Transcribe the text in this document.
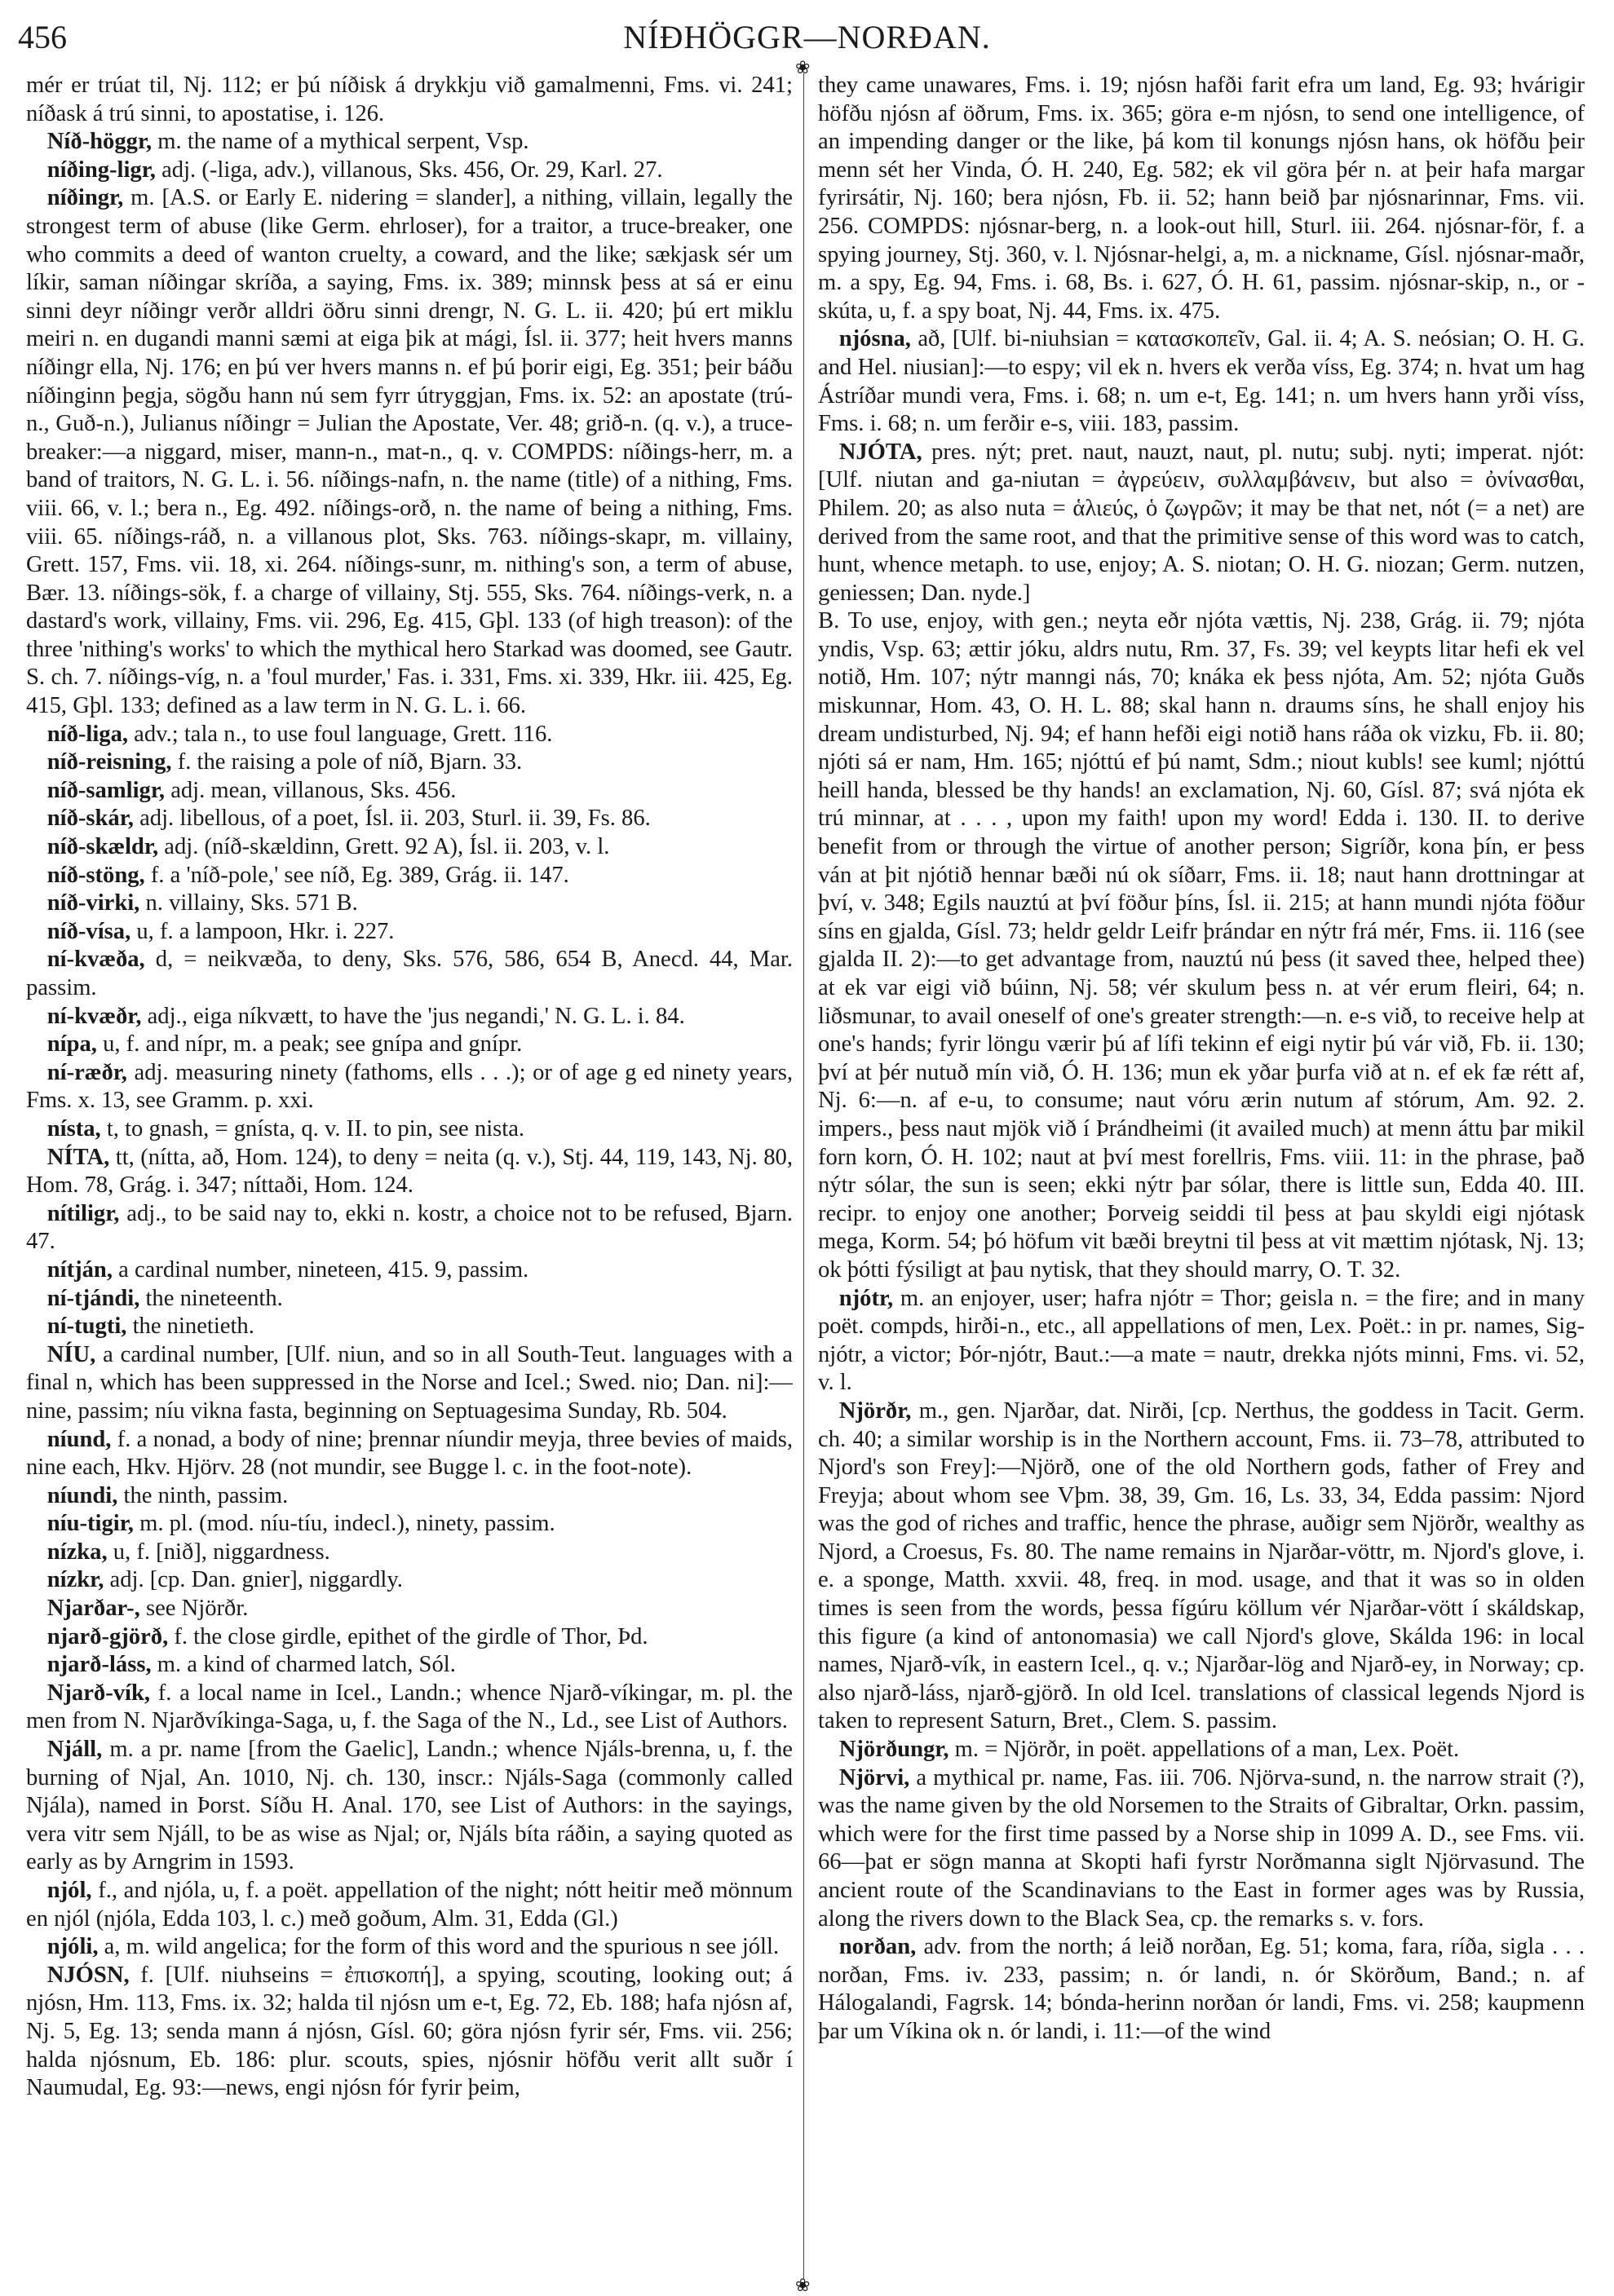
456	NÍÐHÖGGR—NORÐAN.
❀
❀

mér er trúat til, Nj. 112; er þú níðisk á drykkju við gamalmenni, Fms. vi. 241; níðask á trú sinni, to apostatise, i. 126.

Níð-höggr, m. the name of a mythical serpent, Vsp.

níðing-ligr, adj. (-liga, adv.), villanous, Sks. 456, Or. 29, Karl. 27.

níðingr, m. [A.S. or Early E. nidering = slander], a nithing, villain, legally the strongest term of abuse (like Germ. ehrloser), for a traitor, a truce-breaker, one who commits a deed of wanton cruelty, a coward, and the like; sækjask sér um líkir, saman níðingar skríða, a saying, Fms. ix. 389; minnsk þess at sá er einu sinni deyr níðingr verðr alldri öðru sinni drengr, N. G. L. ii. 420; þú ert miklu meiri n. en dugandi manni sæmi at eiga þik at mági, Ísl. ii. 377; heit hvers manns níðingr ella, Nj. 176; en þú ver hvers manns n. ef þú þorir eigi, Eg. 351; þeir báðu níðinginn þegja, sögðu hann nú sem fyrr útryggjan, Fms. ix. 52: an apostate (trú-n., Guð-n.), Julianus níðingr = Julian the Apostate, Ver. 48; grið-n. (q. v.), a truce-breaker:—a niggard, miser, mann-n., mat-n., q. v. COMPDS: níðings-herr, m. a band of traitors, N. G. L. i. 56. níðings-nafn, n. the name (title) of a nithing, Fms. viii. 66, v. l.; bera n., Eg. 492. níðings-orð, n. the name of being a nithing, Fms. viii. 65. níðings-ráð, n. a villanous plot, Sks. 763. níðings-skapr, m. villainy, Grett. 157, Fms. vii. 18, xi. 264. níðings-sunr, m. nithing's son, a term of abuse, Bær. 13. níðings-sök, f. a charge of villainy, Stj. 555, Sks. 764. níðings-verk, n. a dastard's work, villainy, Fms. vii. 296, Eg. 415, Gþl. 133 (of high treason): of the three 'nithing's works' to which the mythical hero Starkad was doomed, see Gautr. S. ch. 7. níðings-víg, n. a 'foul murder,' Fas. i. 331, Fms. xi. 339, Hkr. iii. 425, Eg. 415, Gþl. 133; defined as a law term in N. G. L. i. 66.

níð-liga, adv.; tala n., to use foul language, Grett. 116.

níð-reisning, f. the raising a pole of níð, Bjarn. 33.

níð-samligr, adj. mean, villanous, Sks. 456.

níð-skár, adj. libellous, of a poet, Ísl. ii. 203, Sturl. ii. 39, Fs. 86.

níð-skældr, adj. (níð-skældinn, Grett. 92 A), Ísl. ii. 203, v. l.

níð-stöng, f. a 'níð-pole,' see níð, Eg. 389, Grág. ii. 147.

níð-virki, n. villainy, Sks. 571 B.

níð-vísa, u, f. a lampoon, Hkr. i. 227.

ní-kvæða, d, = neikvæða, to deny, Sks. 576, 586, 654 B, Anecd. 44, Mar. passim.

ní-kvæðr, adj., eiga níkvætt, to have the 'jus negandi,' N. G. L. i. 84.

nípa, u, f. and nípr, m. a peak; see gnípa and gnípr.

ní-ræðr, adj. measuring ninety (fathoms, ells . . .); or of age g ed ninety years, Fms. x. 13, see Gramm. p. xxi.

nísta, t, to gnash, = gnísta, q. v. II. to pin, see nista.

NÍTA, tt, (nítta, að, Hom. 124), to deny = neita (q. v.), Stj. 44, 119, 143, Nj. 80, Hom. 78, Grág. i. 347; níttaði, Hom. 124.

nítiligr, adj., to be said nay to, ekki n. kostr, a choice not to be refused, Bjarn. 47.

nítján, a cardinal number, nineteen, 415. 9, passim.

ní-tjándi, the nineteenth.

ní-tugti, the ninetieth.

NÍU, a cardinal number, [Ulf. niun, and so in all South-Teut. languages with a final n, which has been suppressed in the Norse and Icel.; Swed. nio; Dan. ni]:—nine, passim; níu vikna fasta, beginning on Septuagesima Sunday, Rb. 504.

níund, f. a nonad, a body of nine; þrennar níundir meyja, three bevies of maids, nine each, Hkv. Hjörv. 28 (not mundir, see Bugge l. c. in the foot-note).

níundi, the ninth, passim.

níu-tigir, m. pl. (mod. níu-tíu, indecl.), ninety, passim.

nízka, u, f. [nið], niggardness.

nízkr, adj. [cp. Dan. gnier], niggardly.

Njarðar-, see Njörðr.

njarð-gjörð, f. the close girdle, epithet of the girdle of Thor, Þd.

njarð-láss, m. a kind of charmed latch, Sól.

Njarð-vík, f. a local name in Icel., Landn.; whence Njarð-víkingar, m. pl. the men from N. Njarðvíkinga-Saga, u, f. the Saga of the N., Ld., see List of Authors.

Njáll, m. a pr. name [from the Gaelic], Landn.; whence Njáls-brenna, u, f. the burning of Njal, An. 1010, Nj. ch. 130, inscr.: Njáls-Saga (commonly called Njála), named in Þorst. Síðu H. Anal. 170, see List of Authors: in the sayings, vera vitr sem Njáll, to be as wise as Njal; or, Njáls bíta ráðin, a saying quoted as early as by Arngrim in 1593.

njól, f., and njóla, u, f. a poët. appellation of the night; nótt heitir með mönnum en njól (njóla, Edda 103, l. c.) með goðum, Alm. 31, Edda (Gl.)

njóli, a, m. wild angelica; for the form of this word and the spurious n see jóll.

NJÓSN, f. [Ulf. niuhseins = ἐπισκοπή], a spying, scouting, looking out; á njósn, Hm. 113, Fms. ix. 32; halda til njósn um e-t, Eg. 72, Eb. 188; hafa njósn af, Nj. 5, Eg. 13; senda mann á njósn, Gísl. 60; göra njósn fyrir sér, Fms. vii. 256; halda njósnum, Eb. 186: plur. scouts, spies, njósnir höfðu verit allt suðr í Naumudal, Eg. 93:—news, engi njósn fór fyrir þeim,

they came unawares, Fms. i. 19; njósn hafði farit efra um land, Eg. 93; hvárigir höfðu njósn af öðrum, Fms. ix. 365; göra e-m njósn, to send one intelligence, of an impending danger or the like, þá kom til konungs njósn hans, ok höfðu þeir menn sét her Vinda, Ó. H. 240, Eg. 582; ek vil göra þér n. at þeir hafa margar fyrirsátir, Nj. 160; bera njósn, Fb. ii. 52; hann beið þar njósnarinnar, Fms. vii. 256. COMPDS: njósnar-berg, n. a look-out hill, Sturl. iii. 264. njósnar-för, f. a spying journey, Stj. 360, v. l. Njósnar-helgi, a, m. a nickname, Gísl. njósnar-maðr, m. a spy, Eg. 94, Fms. i. 68, Bs. i. 627, Ó. H. 61, passim. njósnar-skip, n., or -skúta, u, f. a spy boat, Nj. 44, Fms. ix. 475.

njósna, að, [Ulf. bi-niuhsian = κατασκοπεῖν, Gal. ii. 4; A. S. neósian; O. H. G. and Hel. niusian]:—to espy; vil ek n. hvers ek verða víss, Eg. 374; n. hvat um hag Ástríðar mundi vera, Fms. i. 68; n. um e-t, Eg. 141; n. um hvers hann yrði víss, Fms. i. 68; n. um ferðir e-s, viii. 183, passim.

NJÓTA, pres. nýt; pret. naut, nauzt, naut, pl. nutu; subj. nyti; imperat. njót: [Ulf. niutan and ga-niutan = ἀγρεύειν, συλλαμβάνειν, but also = ὀνίνασθαι, Philem. 20; as also nuta = ἁλιεύς, ὁ ζωγρῶν; it may be that net, nót (= a net) are derived from the same root, and that the primitive sense of this word was to catch, hunt, whence metaph. to use, enjoy; A. S. niotan; O. H. G. niozan; Germ. nutzen, geniessen; Dan. nyde.]

B. To use, enjoy, with gen.; neyta eðr njóta vættis, Nj. 238, Grág. ii. 79; njóta yndis, Vsp. 63; ættir jóku, aldrs nutu, Rm. 37, Fs. 39; vel keypts litar hefi ek vel notið, Hm. 107; nýtr manngi nás, 70; knáka ek þess njóta, Am. 52; njóta Guðs miskunnar, Hom. 43, O. H. L. 88; skal hann n. draums síns, he shall enjoy his dream undisturbed, Nj. 94; ef hann hefði eigi notið hans ráða ok vizku, Fb. ii. 80; njóti sá er nam, Hm. 165; njóttú ef þú namt, Sdm.; niout kubls! see kuml; njóttú heill handa, blessed be thy hands! an exclamation, Nj. 60, Gísl. 87; svá njóta ek trú minnar, at . . . , upon my faith! upon my word! Edda i. 130. II. to derive benefit from or through the virtue of another person; Sigríðr, kona þín, er þess ván at þit njótið hennar bæði nú ok síðarr, Fms. ii. 18; naut hann drottningar at því, v. 348; Egils nauztú at því föður þíns, Ísl. ii. 215; at hann mundi njóta föður síns en gjalda, Gísl. 73; heldr geldr Leifr þrándar en nýtr frá mér, Fms. ii. 116 (see gjalda II. 2):—to get advantage from, nauztú nú þess (it saved thee, helped thee) at ek var eigi við búinn, Nj. 58; vér skulum þess n. at vér erum fleiri, 64; n. liðsmunar, to avail oneself of one's greater strength:—n. e-s við, to receive help at one's hands; fyrir löngu værir þú af lífi tekinn ef eigi nytir þú vár við, Fb. ii. 130; því at þér nutuð mín við, Ó. H. 136; mun ek yðar þurfa við at n. ef ek fæ rétt af, Nj. 6:—n. af e-u, to consume; naut vóru ærin nutum af stórum, Am. 92. 2. impers., þess naut mjök við í Þrándheimi (it availed much) at menn áttu þar mikil forn korn, Ó. H. 102; naut at því mest forellris, Fms. viii. 11: in the phrase, það nýtr sólar, the sun is seen; ekki nýtr þar sólar, there is little sun, Edda 40. III. recipr. to enjoy one another; Þorveig seiddi til þess at þau skyldi eigi njótask mega, Korm. 54; þó höfum vit bæði breytni til þess at vit mættim njótask, Nj. 13; ok þótti fýsiligt at þau nytisk, that they should marry, O. T. 32.

njótr, m. an enjoyer, user; hafra njótr = Thor; geisla n. = the fire; and in many poët. compds, hirði-n., etc., all appellations of men, Lex. Poët.: in pr. names, Sig-njótr, a victor; Þór-njótr, Baut.:—a mate = nautr, drekka njóts minni, Fms. vi. 52, v. l.

Njörðr, m., gen. Njarðar, dat. Nirði, [cp. Nerthus, the goddess in Tacit. Germ. ch. 40; a similar worship is in the Northern account, Fms. ii. 73–78, attributed to Njord's son Frey]:—Njörð, one of the old Northern gods, father of Frey and Freyja; about whom see Vþm. 38, 39, Gm. 16, Ls. 33, 34, Edda passim: Njord was the god of riches and traffic, hence the phrase, auðigr sem Njörðr, wealthy as Njord, a Croesus, Fs. 80. The name remains in Njarðar-vöttr, m. Njord's glove, i. e. a sponge, Matth. xxvii. 48, freq. in mod. usage, and that it was so in olden times is seen from the words, þessa fígúru köllum vér Njarðar-vött í skáldskap, this figure (a kind of antonomasia) we call Njord's glove, Skálda 196: in local names, Njarð-vík, in eastern Icel., q. v.; Njarðar-lög and Njarð-ey, in Norway; cp. also njarð-láss, njarð-gjörð. In old Icel. translations of classical legends Njord is taken to represent Saturn, Bret., Clem. S. passim.

Njörðungr, m. = Njörðr, in poët. appellations of a man, Lex. Poët.

Njörvi, a mythical pr. name, Fas. iii. 706. Njörva-sund, n. the narrow strait (?), was the name given by the old Norsemen to the Straits of Gibraltar, Orkn. passim, which were for the first time passed by a Norse ship in 1099 A. D., see Fms. vii. 66—þat er sögn manna at Skopti hafi fyrstr Norðmanna siglt Njörvasund. The ancient route of the Scandinavians to the East in former ages was by Russia, along the rivers down to the Black Sea, cp. the remarks s. v. fors.

norðan, adv. from the north; á leið norðan, Eg. 51; koma, fara, ríða, sigla . . . norðan, Fms. iv. 233, passim; n. ór landi, n. ór Skörðum, Band.; n. af Hálogalandi, Fagrsk. 14; bónda-herinn norðan ór landi, Fms. vi. 258; kaupmenn þar um Víkina ok n. ór landi, i. 11:—of the wind
